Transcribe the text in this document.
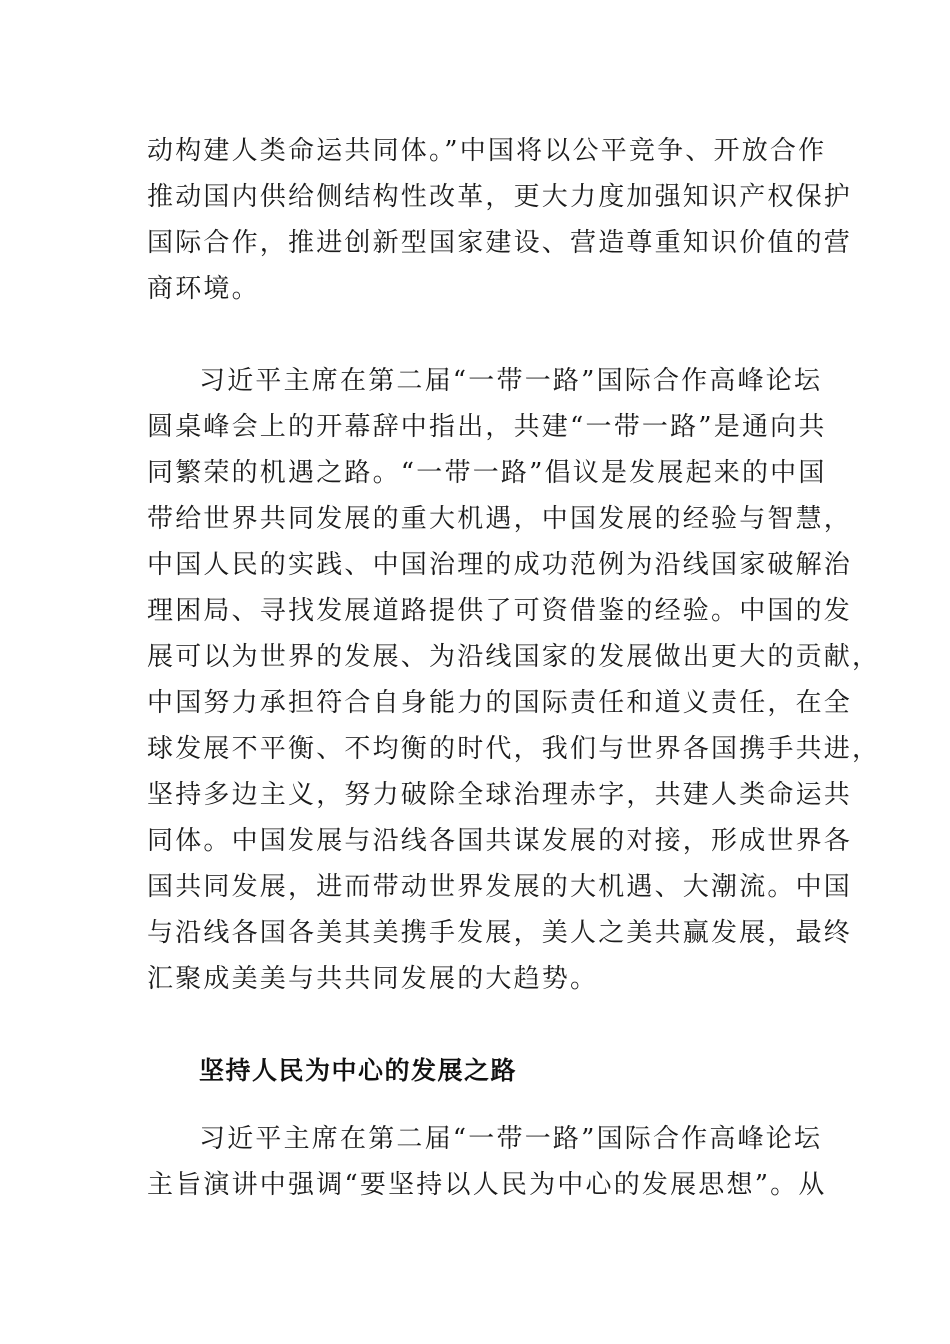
动构建人类命运共同体。”中国将以公平竞争、开放合作
推动国内供给侧结构性改革，更大力度加强知识产权保护
国际合作，推进创新型国家建设、营造尊重知识价值的营
商环境。
习近平主席在第二届“一带一路”国际合作高峰论坛
圆桌峰会上的开幕辞中指出，共建“一带一路”是通向共
同繁荣的机遇之路。“一带一路”倡议是发展起来的中国
带给世界共同发展的重大机遇，中国发展的经验与智慧，
中国人民的实践、中国治理的成功范例为沿线国家破解治
理困局、寻找发展道路提供了可资借鉴的经验。中国的发
展可以为世界的发展、为沿线国家的发展做出更大的贡献，
中国努力承担符合自身能力的国际责任和道义责任，在全
球发展不平衡、不均衡的时代，我们与世界各国携手共进，
坚持多边主义，努力破除全球治理赤字，共建人类命运共
同体。中国发展与沿线各国共谋发展的对接，形成世界各
国共同发展，进而带动世界发展的大机遇、大潮流。中国
与沿线各国各美其美携手发展，美人之美共赢发展，最终
汇聚成美美与共共同发展的大趋势。
坚持人民为中心的发展之路
习近平主席在第二届“一带一路”国际合作高峰论坛
主旨演讲中强调“要坚持以人民为中心的发展思想”。从
